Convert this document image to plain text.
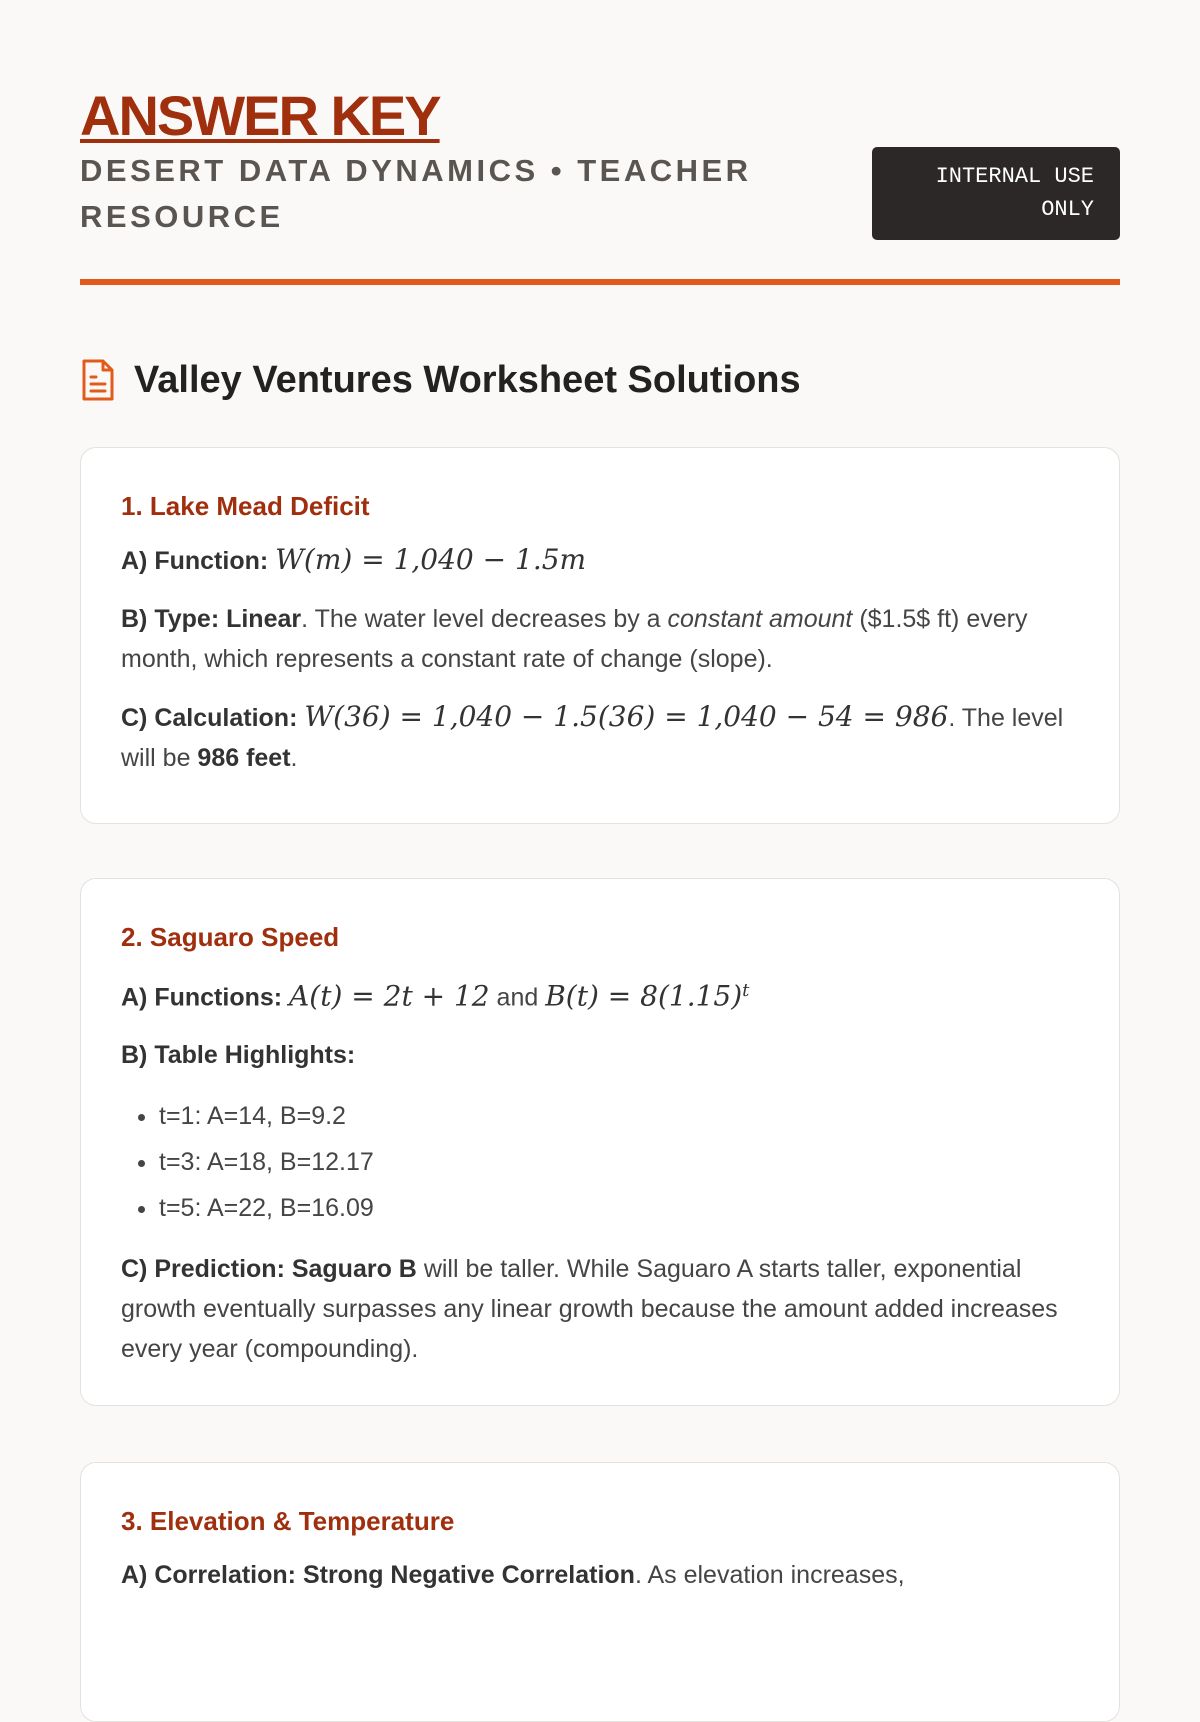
ANSWER KEY
DESERT DATA DYNAMICS • TEACHER RESOURCE
INTERNAL USE ONLY
Valley Ventures Worksheet Solutions
1. Lake Mead Deficit

A) Function: W(m) = 1,040 − 1.5m

B) Type: Linear. The water level decreases by a constant amount ($1.5$ ft) every month, which represents a constant rate of change (slope).

C) Calculation: W(36) = 1,040 − 1.5(36) = 1,040 − 54 = 986. The level will be 986 feet.

2. Saguaro Speed

A) Functions: A(t) = 2t + 12 and $B(t) = 8(1.15)^t$

B) Table Highlights:

• t=1: A=14, B=9.2
• t=3: A=18, B=12.17
• t=5: A=22, B=16.09

C) Prediction: Saguaro B will be taller. While Saguaro A starts taller, exponential growth eventually surpasses any linear growth because the amount added increases every year (compounding).

3. Elevation & Temperature

A) Correlation: Strong Negative Correlation. As elevation increases,
